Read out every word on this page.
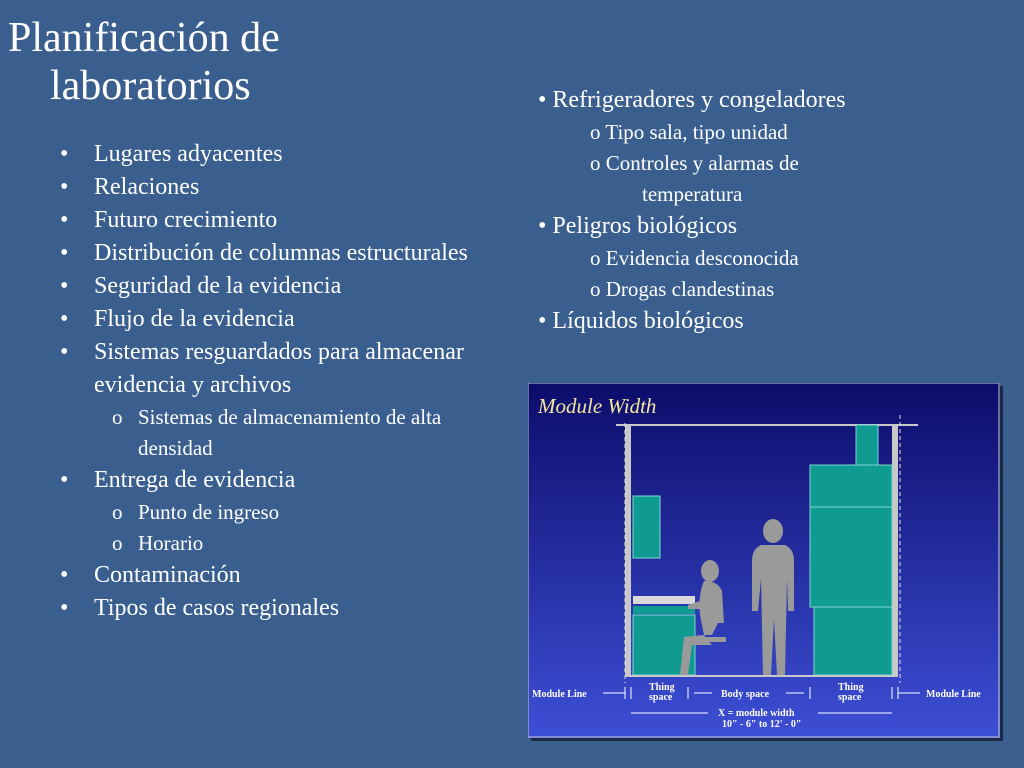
Planificación de
laboratorios
• Lugares adyacentes
• Relaciones
• Futuro crecimiento
• Distribución de columnas estructurales
• Seguridad de la evidencia
• Flujo de la evidencia
• Sistemas resguardados para almacenar evidencia y archivos
o Sistemas de almacenamiento de alta densidad
• Entrega de evidencia
o Punto de ingreso
o Horario
• Contaminación
• Tipos de casos regionales
• Refrigeradores y congeladores
o Tipo sala, tipo unidad
o Controles y alarmas de
temperatura
• Peligros biológicos
o Evidencia desconocida
o Drogas clandestinas
• Líquidos biológicos
Module Width
Module Line	Module Line
Thing
space	Body space
Thing
space
X = module width
10" - 6" to 12' - 0"
